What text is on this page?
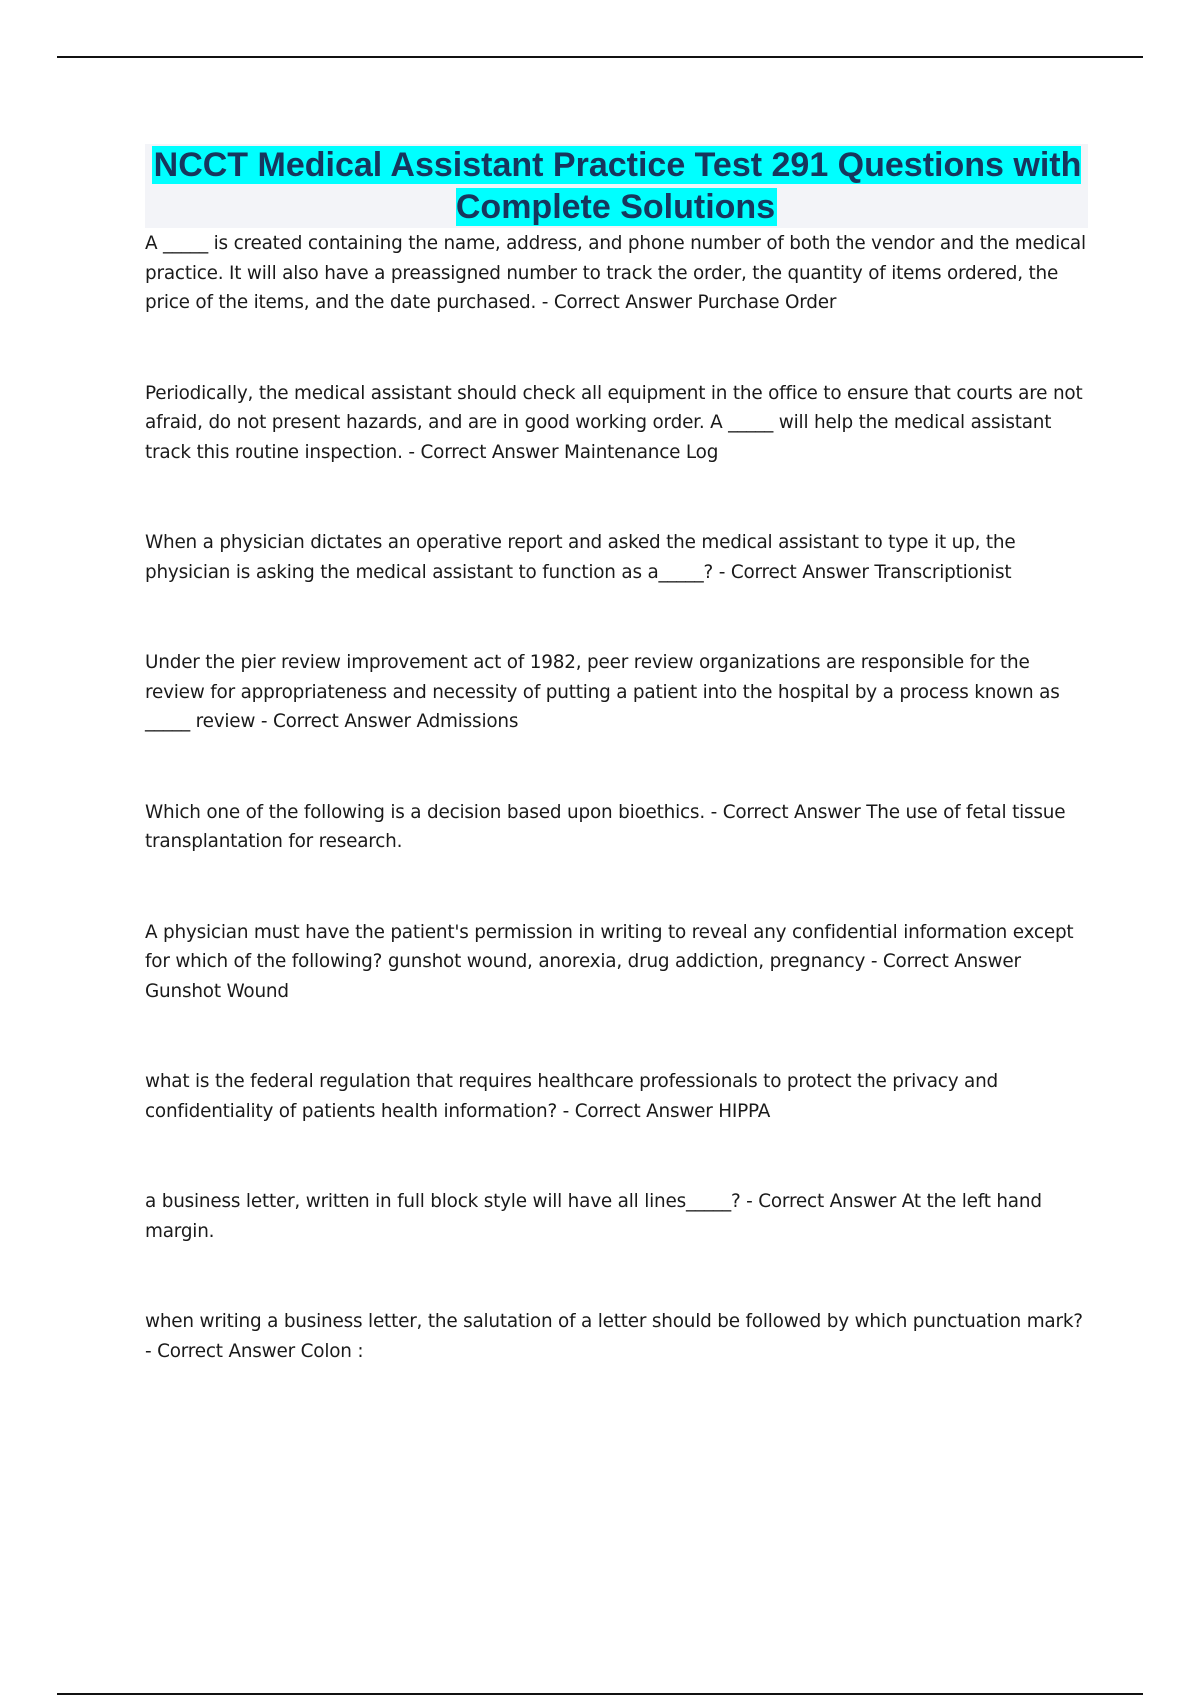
NCCT Medical Assistant Practice Test 291 Questions with Complete Solutions

A _____ is created containing the name, address, and phone number of both the vendor and the medical practice. It will also have a preassigned number to track the order, the quantity of items ordered, the price of the items, and the date purchased. - Correct Answer Purchase Order

Periodically, the medical assistant should check all equipment in the office to ensure that courts are not afraid, do not present hazards, and are in good working order. A _____ will help the medical assistant track this routine inspection. - Correct Answer Maintenance Log

When a physician dictates an operative report and asked the medical assistant to type it up, the physician is asking the medical assistant to function as a_____? - Correct Answer Transcriptionist

Under the pier review improvement act of 1982, peer review organizations are responsible for the review for appropriateness and necessity of putting a patient into the hospital by a process known as _____ review - Correct Answer Admissions

Which one of the following is a decision based upon bioethics. - Correct Answer The use of fetal tissue transplantation for research.

A physician must have the patient's permission in writing to reveal any confidential information except for which of the following? gunshot wound, anorexia, drug addiction, pregnancy - Correct Answer Gunshot Wound

what is the federal regulation that requires healthcare professionals to protect the privacy and confidentiality of patients health information? - Correct Answer HIPPA

a business letter, written in full block style will have all lines_____? - Correct Answer At the left hand margin.

when writing a business letter, the salutation of a letter should be followed by which punctuation mark? - Correct Answer Colon :
